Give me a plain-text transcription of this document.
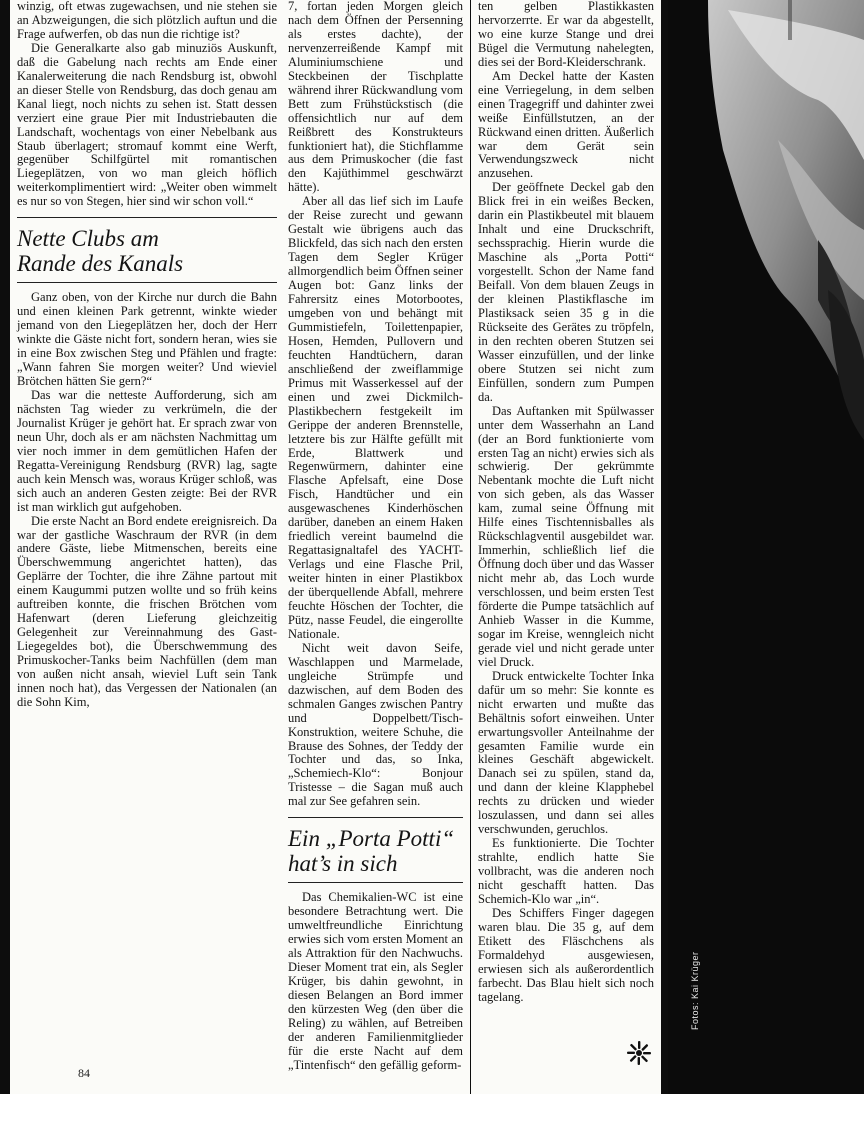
winzig, oft etwas zugewachsen, und nie stehen sie an Abzweigungen, die sich plötzlich auftun und die Frage aufwerfen, ob das nun die richtige ist?

Die Generalkarte also gab minuziös Auskunft, daß die Gabelung nach rechts am Ende einer Kanalerweiterung die nach Rendsburg ist, obwohl an dieser Stelle von Rendsburg, das doch genau am Kanal liegt, noch nichts zu sehen ist. Statt dessen verziert eine graue Pier mit Industriebauten die Landschaft, wochentags von einer Nebelbank aus Staub überlagert; stromauf kommt eine Werft, gegenüber Schilfgürtel mit romantischen Liegeplätzen, von wo man gleich höflich weiterkomplimentiert wird: „Weiter oben wimmelt es nur so von Stegen, hier sind wir schon voll.“

Nette Clubs am
Rande des Kanals

Ganz oben, von der Kirche nur durch die Bahn und einen kleinen Park getrennt, winkte wieder jemand von den Liegeplätzen her, doch der Herr winkte die Gäste nicht fort, sondern heran, wies sie in eine Box zwischen Steg und Pfählen und fragte: „Wann fahren Sie morgen weiter? Und wieviel Brötchen hätten Sie gern?“

Das war die netteste Aufforderung, sich am nächsten Tag wieder zu verkrümeln, die der Journalist Krüger je gehört hat. Er sprach zwar von neun Uhr, doch als er am nächsten Nachmittag um vier noch immer in dem gemütlichen Hafen der Regatta-Vereinigung Rendsburg (RVR) lag, sagte auch kein Mensch was, woraus Krüger schloß, was sich auch an anderen Gesten zeigte: Bei der RVR ist man wirklich gut aufgehoben.

Die erste Nacht an Bord endete ereignisreich. Da war der gastliche Waschraum der RVR (in dem andere Gäste, liebe Mitmenschen, bereits eine Überschwemmung angerichtet hatten), das Geplärre der Tochter, die ihre Zähne partout mit einem Kaugummi putzen wollte und so früh keins auftreiben konnte, die frischen Brötchen vom Hafenwart (deren Lieferung gleichzeitig Gelegenheit zur Vereinnahmung des Gast-Liegegeldes bot), die Überschwemmung des Primuskocher-Tanks beim Nachfüllen (dem man von außen nicht ansah, wieviel Luft sein Tank innen noch hat), das Vergessen der Nationalen (an die Sohn Kim,

7, fortan jeden Morgen gleich nach dem Öffnen der Persenning als erstes dachte), der nervenzerreißende Kampf mit Aluminiumschiene und Steckbeinen der Tischplatte während ihrer Rückwandlung vom Bett zum Frühstückstisch (die offensichtlich nur auf dem Reißbrett des Konstrukteurs funktioniert hat), die Stichflamme aus dem Primuskocher (die fast den Kajüthimmel geschwärzt hätte).

Aber all das lief sich im Laufe der Reise zurecht und gewann Gestalt wie übrigens auch das Blickfeld, das sich nach den ersten Tagen dem Segler Krüger allmorgendlich beim Öffnen seiner Augen bot: Ganz links der Fahrersitz eines Motorbootes, umgeben von und behängt mit Gummistiefeln, Toilettenpapier, Hosen, Hemden, Pullovern und feuchten Handtüchern, daran anschließend der zweiflammige Primus mit Wasserkessel auf der einen und zwei Dickmilch-Plastikbechern festgekeilt im Gerippe der anderen Brennstelle, letztere bis zur Hälfte gefüllt mit Erde, Blattwerk und Regenwürmern, dahinter eine Flasche Apfelsaft, eine Dose Fisch, Handtücher und ein ausgewaschenes Kinderhöschen darüber, daneben an einem Haken friedlich vereint baumelnd die Regattasignaltafel des YACHT-Verlags und eine Flasche Pril, weiter hinten in einer Plastikbox der überquellende Abfall, mehrere feuchte Höschen der Tochter, die Pütz, nasse Feudel, die eingerollte Nationale.

Nicht weit davon Seife, Waschlappen und Marmelade, ungleiche Strümpfe und dazwischen, auf dem Boden des schmalen Ganges zwischen Pantry und Doppelbett/Tisch-Konstruktion, weitere Schuhe, die Brause des Sohnes, der Teddy der Tochter und das, so Inka, „Schemiech-Klo“: Bonjour Tristesse – die Sagan muß auch mal zur See gefahren sein.

Ein „Porta Potti“
hat’s in sich

Das Chemikalien-WC ist eine besondere Betrachtung wert. Die umweltfreundliche Einrichtung erwies sich vom ersten Moment an als Attraktion für den Nachwuchs. Dieser Moment trat ein, als Segler Krüger, bis dahin gewohnt, in diesen Belangen an Bord immer den kürzesten Weg (den über die Reling) zu wählen, auf Betreiben der anderen Familienmitglieder für die erste Nacht auf dem „Tintenfisch“ den gefällig geform-

ten gelben Plastikkasten hervorzerrte. Er war da abgestellt, wo eine kurze Stange und drei Bügel die Vermutung nahelegten, dies sei der Bord-Kleiderschrank.

Am Deckel hatte der Kasten eine Verriegelung, in dem selben einen Tragegriff und dahinter zwei weiße Einfüllstutzen, an der Rückwand einen dritten. Äußerlich war dem Gerät sein Verwendungszweck nicht anzusehen.

Der geöffnete Deckel gab den Blick frei in ein weißes Becken, darin ein Plastikbeutel mit blauem Inhalt und eine Druckschrift, sechssprachig. Hierin wurde die Maschine als „Porta Potti“ vorgestellt. Schon der Name fand Beifall. Von dem blauen Zeugs in der kleinen Plastikflasche im Plastiksack seien 35 g in die Rückseite des Gerätes zu tröpfeln, in den rechten oberen Stutzen sei Wasser einzufüllen, und der linke obere Stutzen sei nicht zum Einfüllen, sondern zum Pumpen da.

Das Auftanken mit Spülwasser unter dem Wasserhahn an Land (der an Bord funktionierte vom ersten Tag an nicht) erwies sich als schwierig. Der gekrümmte Nebentank mochte die Luft nicht von sich geben, als das Wasser kam, zumal seine Öffnung mit Hilfe eines Tischtennisballes als Rückschlagventil ausgebildet war. Immerhin, schließlich lief die Öffnung doch über und das Wasser nicht mehr ab, das Loch wurde verschlossen, und beim ersten Test förderte die Pumpe tatsächlich auf Anhieb Wasser in die Kumme, sogar im Kreise, wenngleich nicht gerade viel und nicht gerade unter viel Druck.

Druck entwickelte Tochter Inka dafür um so mehr: Sie konnte es nicht erwarten und mußte das Behältnis sofort einweihen. Unter erwartungsvoller Anteilnahme der gesamten Familie wurde ein kleines Geschäft abgewickelt. Danach sei zu spülen, stand da, und dann der kleine Klapphebel rechts zu drücken und wieder loszulassen, und dann sei alles verschwunden, geruchlos.

Es funktionierte. Die Tochter strahlte, endlich hatte Sie vollbracht, was die anderen noch nicht geschafft hatten. Das Schemich-Klo war „in“.

Des Schiffers Finger dagegen waren blau. Die 35 g, auf dem Etikett des Fläschchens als Formaldehyd ausgewiesen, erwiesen sich als außerordentlich farbecht. Das Blau hielt sich noch tagelang.

84
Fotos: Kai Krüger
